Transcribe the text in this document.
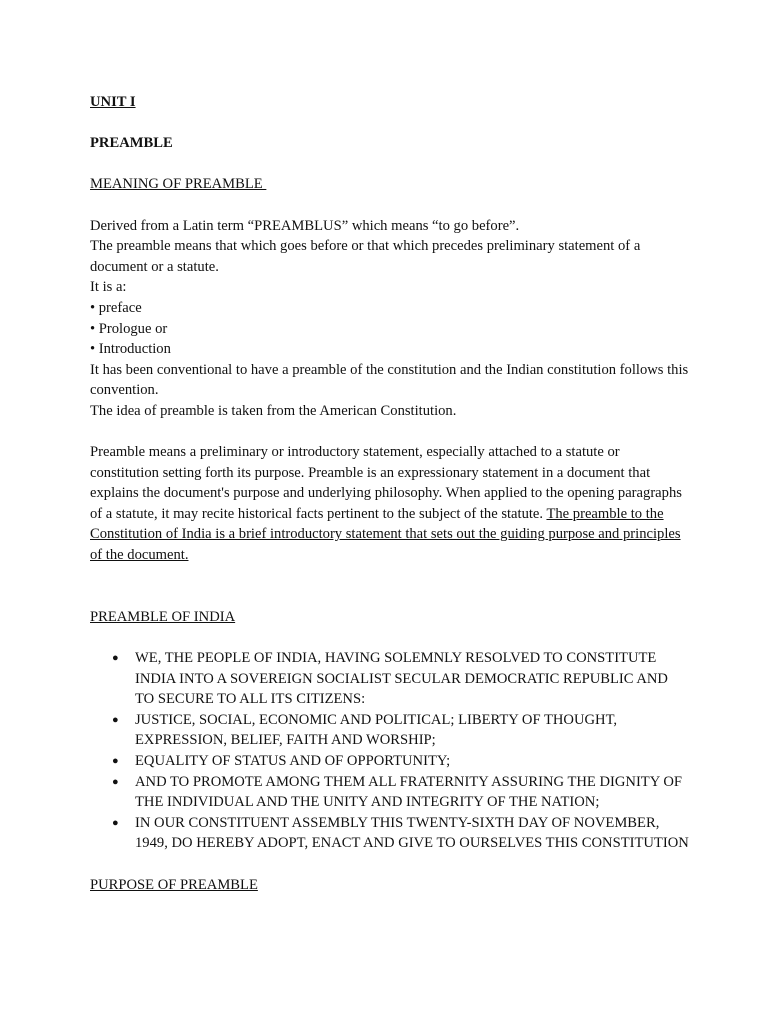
UNIT I

PREAMBLE

MEANING OF PREAMBLE

Derived from a Latin term “PREAMBLUS” which means “to go before”.

The preamble means that which goes before or that which precedes preliminary statement of a document or a statute.

It is a:

• preface

• Prologue or

• Introduction

It has been conventional to have a preamble of the constitution and the Indian constitution follows this convention.

The idea of preamble is taken from the American Constitution.

Preamble means a preliminary or introductory statement, especially attached to a statute or constitution setting forth its purpose. Preamble is an expressionary statement in a document that explains the document's purpose and underlying philosophy. When applied to the opening paragraphs of a statute, it may recite historical facts pertinent to the subject of the statute. The preamble to the Constitution of India is a brief introductory statement that sets out the guiding purpose and principles of the document.

PREAMBLE OF INDIA

● WE, THE PEOPLE OF INDIA, HAVING SOLEMNLY RESOLVED TO CONSTITUTE INDIA INTO A SOVEREIGN SOCIALIST SECULAR DEMOCRATIC REPUBLIC AND TO SECURE TO ALL ITS CITIZENS:
● JUSTICE, SOCIAL, ECONOMIC AND POLITICAL; LIBERTY OF THOUGHT, EXPRESSION, BELIEF, FAITH AND WORSHIP;
● EQUALITY OF STATUS AND OF OPPORTUNITY;
● AND TO PROMOTE AMONG THEM ALL FRATERNITY ASSURING THE DIGNITY OF THE INDIVIDUAL AND THE UNITY AND INTEGRITY OF THE NATION;
● IN OUR CONSTITUENT ASSEMBLY THIS TWENTY-SIXTH DAY OF NOVEMBER, 1949, DO HEREBY ADOPT, ENACT AND GIVE TO OURSELVES THIS CONSTITUTION

PURPOSE OF PREAMBLE
